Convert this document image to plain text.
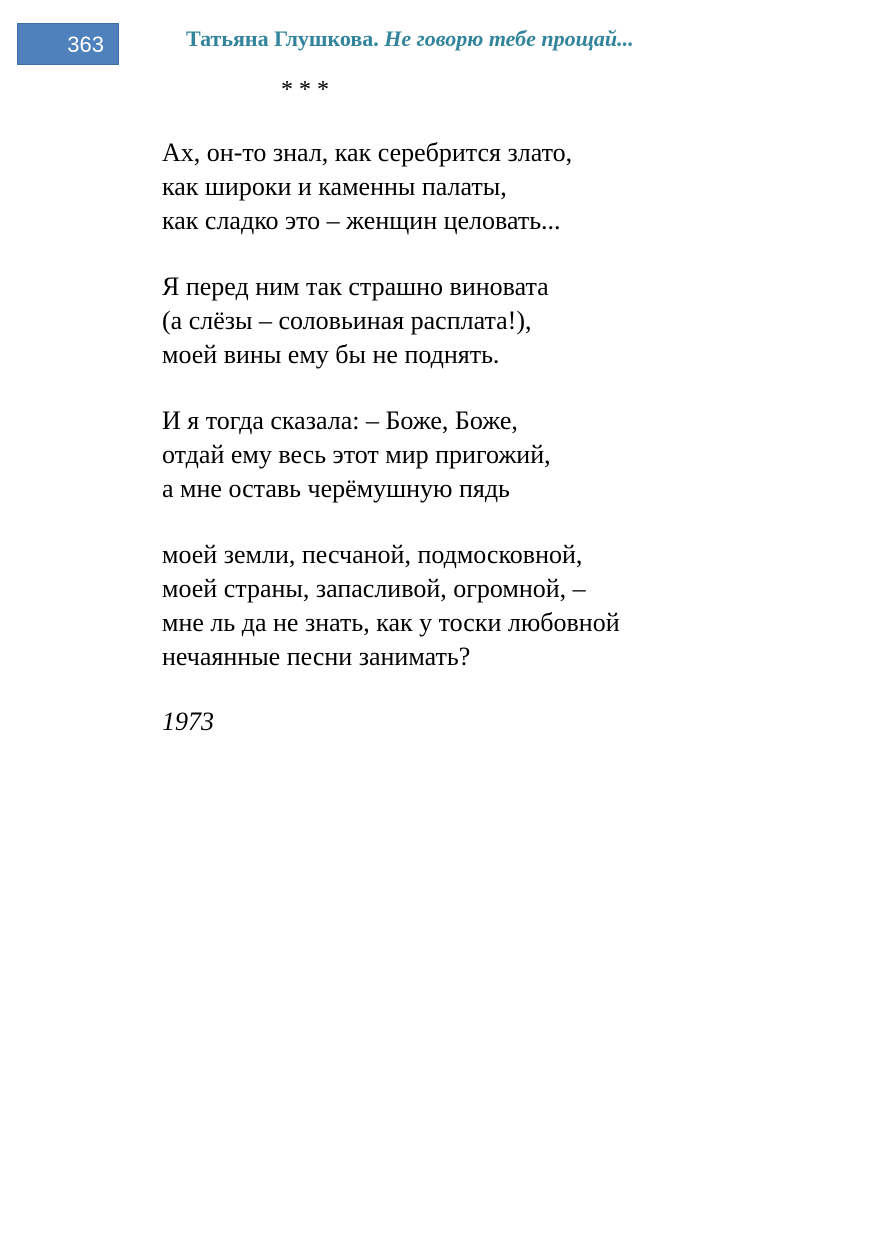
363	Татьяна Глушкова. Не говорю тебе прощай...
* * *
Ах, он-то знал, как серебрится злато,
как широки и каменны палаты,
как сладко это – женщин целовать...
Я перед ним так страшно виновата
(а слёзы – соловьиная расплата!),
моей вины ему бы не поднять.
И я тогда сказала: – Боже, Боже,
отдай ему весь этот мир пригожий,
а мне оставь черёмушную пядь
моей земли, песчаной, подмосковной,
моей страны, запасливой, огромной, –
мне ль да не знать, как у тоски любовной
нечаянные песни занимать?
1973
